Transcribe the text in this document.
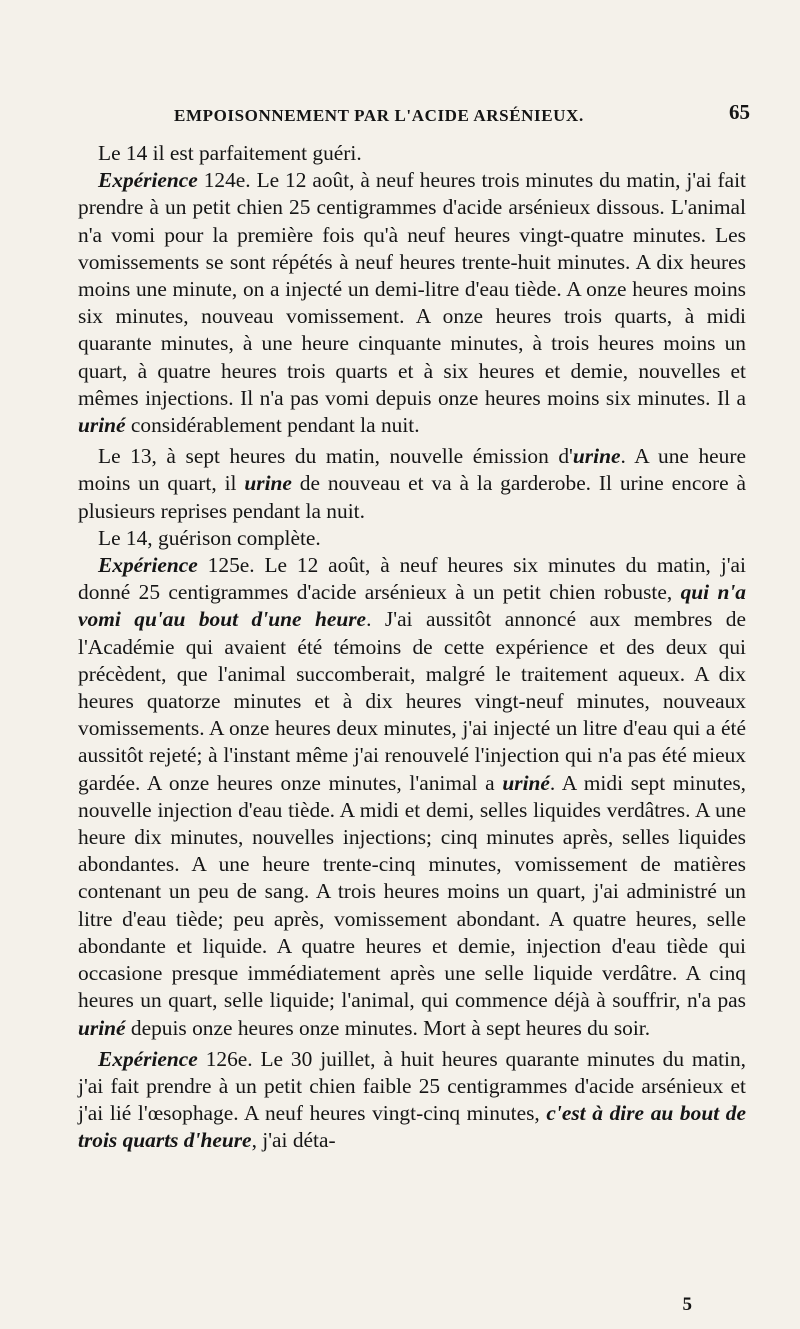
EMPOISONNEMENT PAR L'ACIDE ARSÉNIEUX.	65

Le 14 il est parfaitement guéri.

Expérience 124e. Le 12 août, à neuf heures trois minutes du matin, j'ai fait prendre à un petit chien 25 centigrammes d'acide arsénieux dissous. L'animal n'a vomi pour la première fois qu'à neuf heures vingt-quatre minutes. Les vomissements se sont répétés à neuf heures trente-huit minutes. A dix heures moins une minute, on a injecté un demi-litre d'eau tiède. A onze heures moins six minutes, nouveau vomissement. A onze heures trois quarts, à midi quarante minutes, à une heure cinquante minutes, à trois heures moins un quart, à quatre heures trois quarts et à six heures et demie, nouvelles et mêmes injections. Il n'a pas vomi depuis onze heures moins six minutes. Il a uriné considérablement pendant la nuit.

Le 13, à sept heures du matin, nouvelle émission d'urine. A une heure moins un quart, il urine de nouveau et va à la garderobe. Il urine encore à plusieurs reprises pendant la nuit.

Le 14, guérison complète.

Expérience 125e. Le 12 août, à neuf heures six minutes du matin, j'ai donné 25 centigrammes d'acide arsénieux à un petit chien robuste, qui n'a vomi qu'au bout d'une heure. J'ai aussitôt annoncé aux membres de l'Académie qui avaient été témoins de cette expérience et des deux qui précèdent, que l'animal succomberait, malgré le traitement aqueux. A dix heures quatorze minutes et à dix heures vingt-neuf minutes, nouveaux vomissements. A onze heures deux minutes, j'ai injecté un litre d'eau qui a été aussitôt rejeté; à l'instant même j'ai renouvelé l'injection qui n'a pas été mieux gardée. A onze heures onze minutes, l'animal a uriné. A midi sept minutes, nouvelle injection d'eau tiède. A midi et demi, selles liquides verdâtres. A une heure dix minutes, nouvelles injections; cinq minutes après, selles liquides abondantes. A une heure trente-cinq minutes, vomissement de matières contenant un peu de sang. A trois heures moins un quart, j'ai administré un litre d'eau tiède; peu après, vomissement abondant. A quatre heures, selle abondante et liquide. A quatre heures et demie, injection d'eau tiède qui occasione presque immédiatement après une selle liquide verdâtre. A cinq heures un quart, selle liquide; l'animal, qui commence déjà à souffrir, n'a pas uriné depuis onze heures onze minutes. Mort à sept heures du soir.

Expérience 126e. Le 30 juillet, à huit heures quarante minutes du matin, j'ai fait prendre à un petit chien faible 25 centigrammes d'acide arsénieux et j'ai lié l'œsophage. A neuf heures vingt-cinq minutes, c'est à dire au bout de trois quarts d'heure, j'ai déta-

5
